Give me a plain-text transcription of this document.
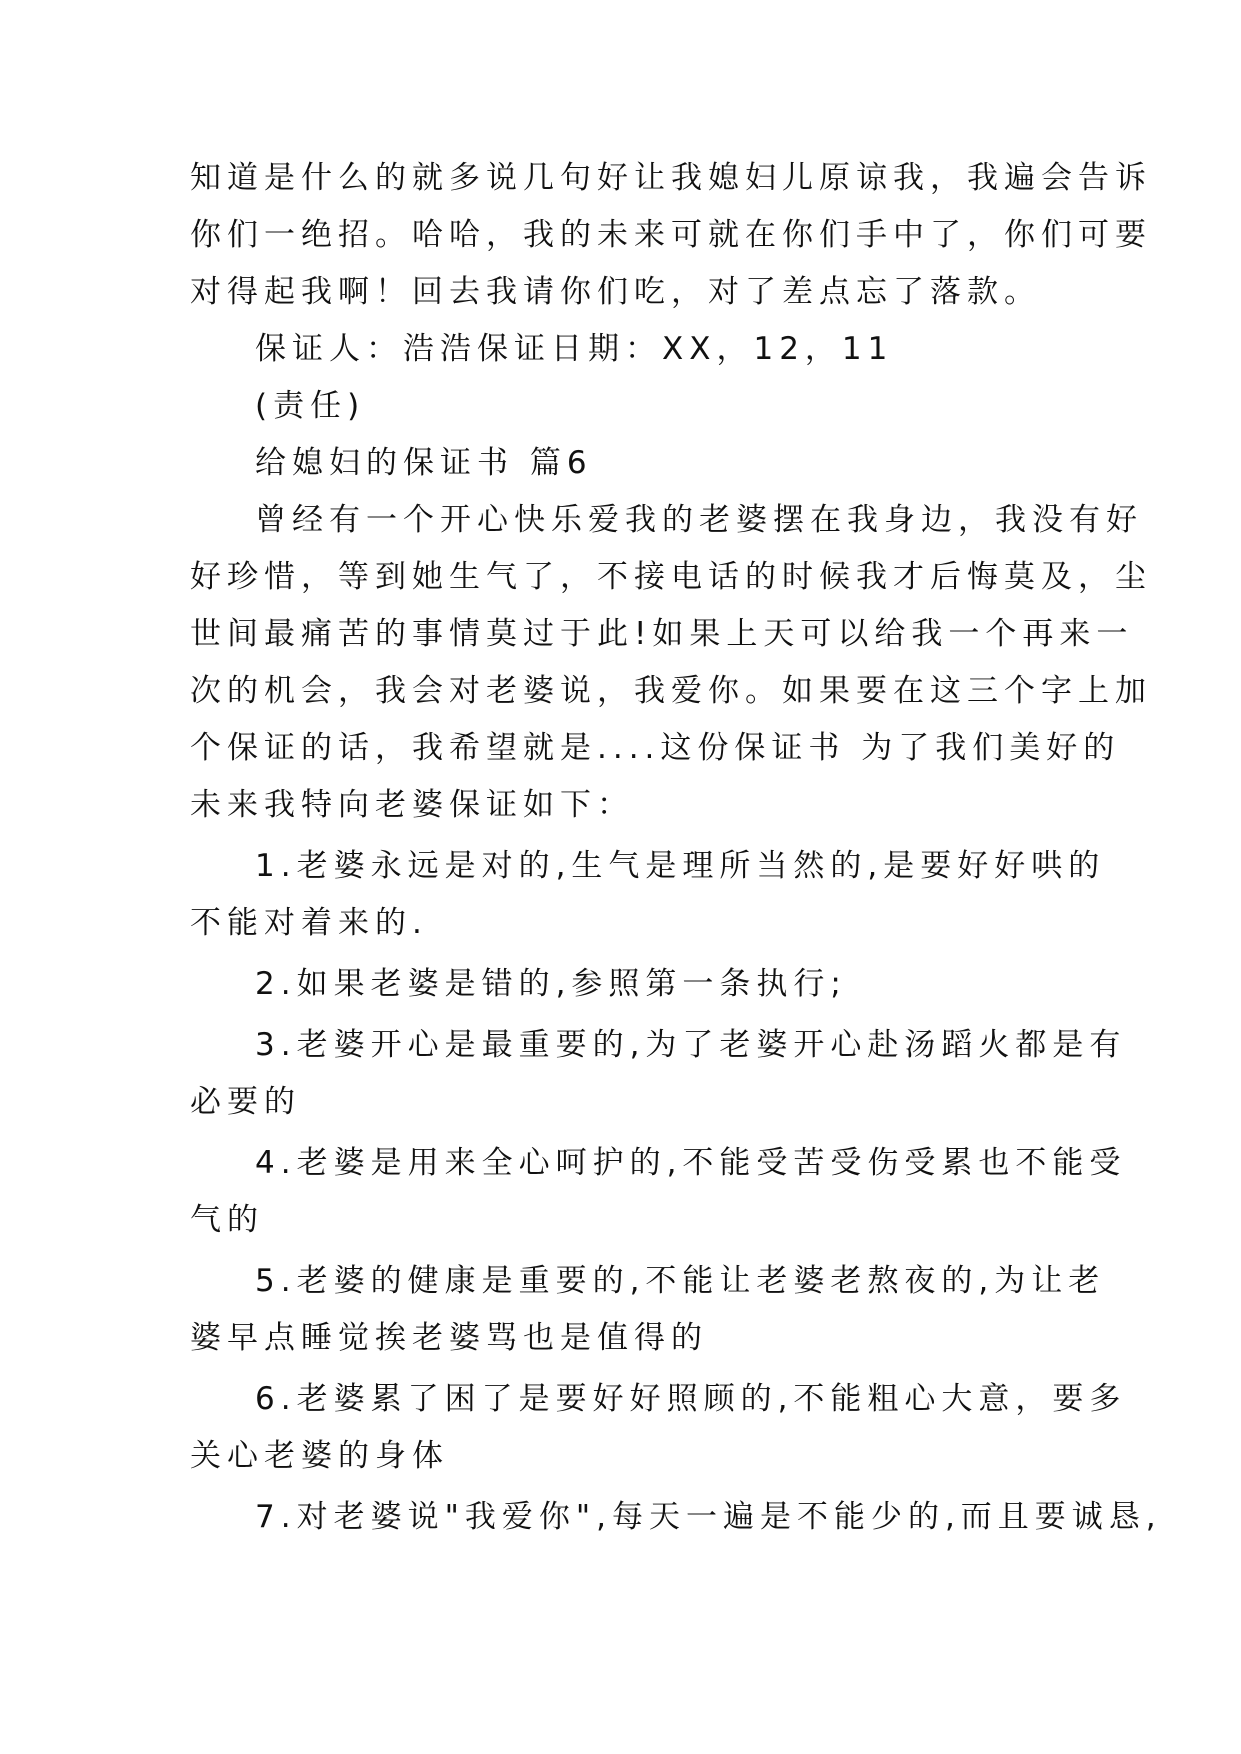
知道是什么的就多说几句好让我媳妇儿原谅我，我遍会告诉
你们一绝招。哈哈，我的未来可就在你们手中了，你们可要
对得起我啊！回去我请你们吃，对了差点忘了落款。
保证人：浩浩保证日期：XX，12，11
(责任)
给媳妇的保证书 篇6
曾经有一个开心快乐爱我的老婆摆在我身边，我没有好
好珍惜，等到她生气了，不接电话的时候我才后悔莫及，尘
世间最痛苦的事情莫过于此!如果上天可以给我一个再来一
次的机会，我会对老婆说，我爱你。如果要在这三个字上加
个保证的话，我希望就是....这份保证书 为了我们美好的
未来我特向老婆保证如下：
1.老婆永远是对的,生气是理所当然的,是要好好哄的
不能对着来的.
2.如果老婆是错的,参照第一条执行;
3.老婆开心是最重要的,为了老婆开心赴汤蹈火都是有
必要的
4.老婆是用来全心呵护的,不能受苦受伤受累也不能受
气的
5.老婆的健康是重要的,不能让老婆老熬夜的,为让老
婆早点睡觉挨老婆骂也是值得的
6.老婆累了困了是要好好照顾的,不能粗心大意，要多
关心老婆的身体
7.对老婆说"我爱你",每天一遍是不能少的,而且要诚恳,
